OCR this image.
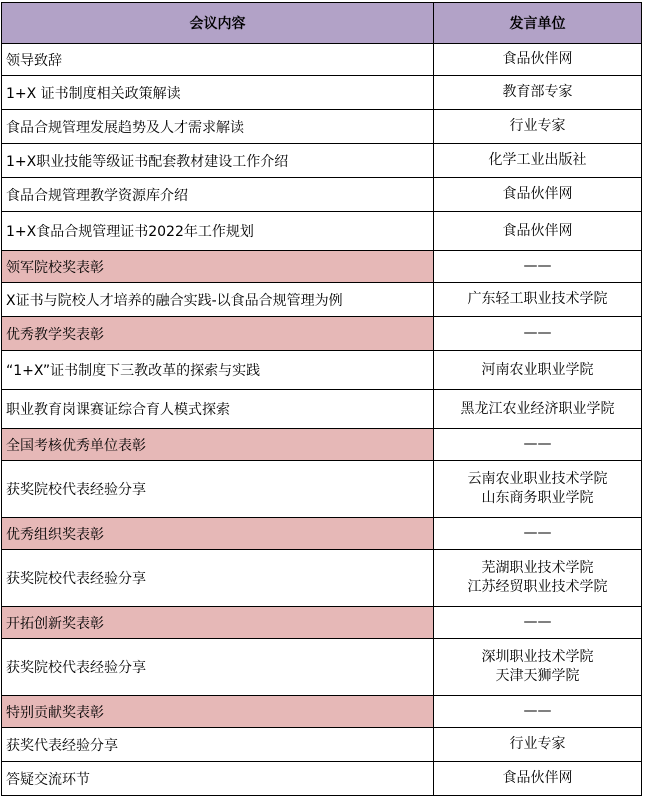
会议内容	发言单位
领导致辞	食品伙伴网

1+X 证书制度相关政策解读	教育部专家

食品合规管理发展趋势及人才需求解读	行业专家

1+X职业技能等级证书配套教材建设工作介绍	化学工业出版社

食品合规管理教学资源库介绍	食品伙伴网

1+X食品合规管理证书2022年工作规划	食品伙伴网

领军院校奖表彰	——

X证书与院校人才培养的融合实践-以食品合规管理为例	广东轻工职业技术学院

优秀教学奖表彰	——

“1+X”证书制度下三教改革的探索与实践	河南农业职业学院

职业教育岗课赛证综合育人模式探索	黑龙江农业经济职业学院

全国考核优秀单位表彰	——

获奖院校代表经验分享	云南农业职业技术学院
山东商务职业学院

优秀组织奖表彰	——

获奖院校代表经验分享	芜湖职业技术学院
江苏经贸职业技术学院

开拓创新奖表彰	——

获奖院校代表经验分享	深圳职业技术学院
天津天狮学院

特别贡献奖表彰	——

获奖代表经验分享	行业专家

答疑交流环节	食品伙伴网
